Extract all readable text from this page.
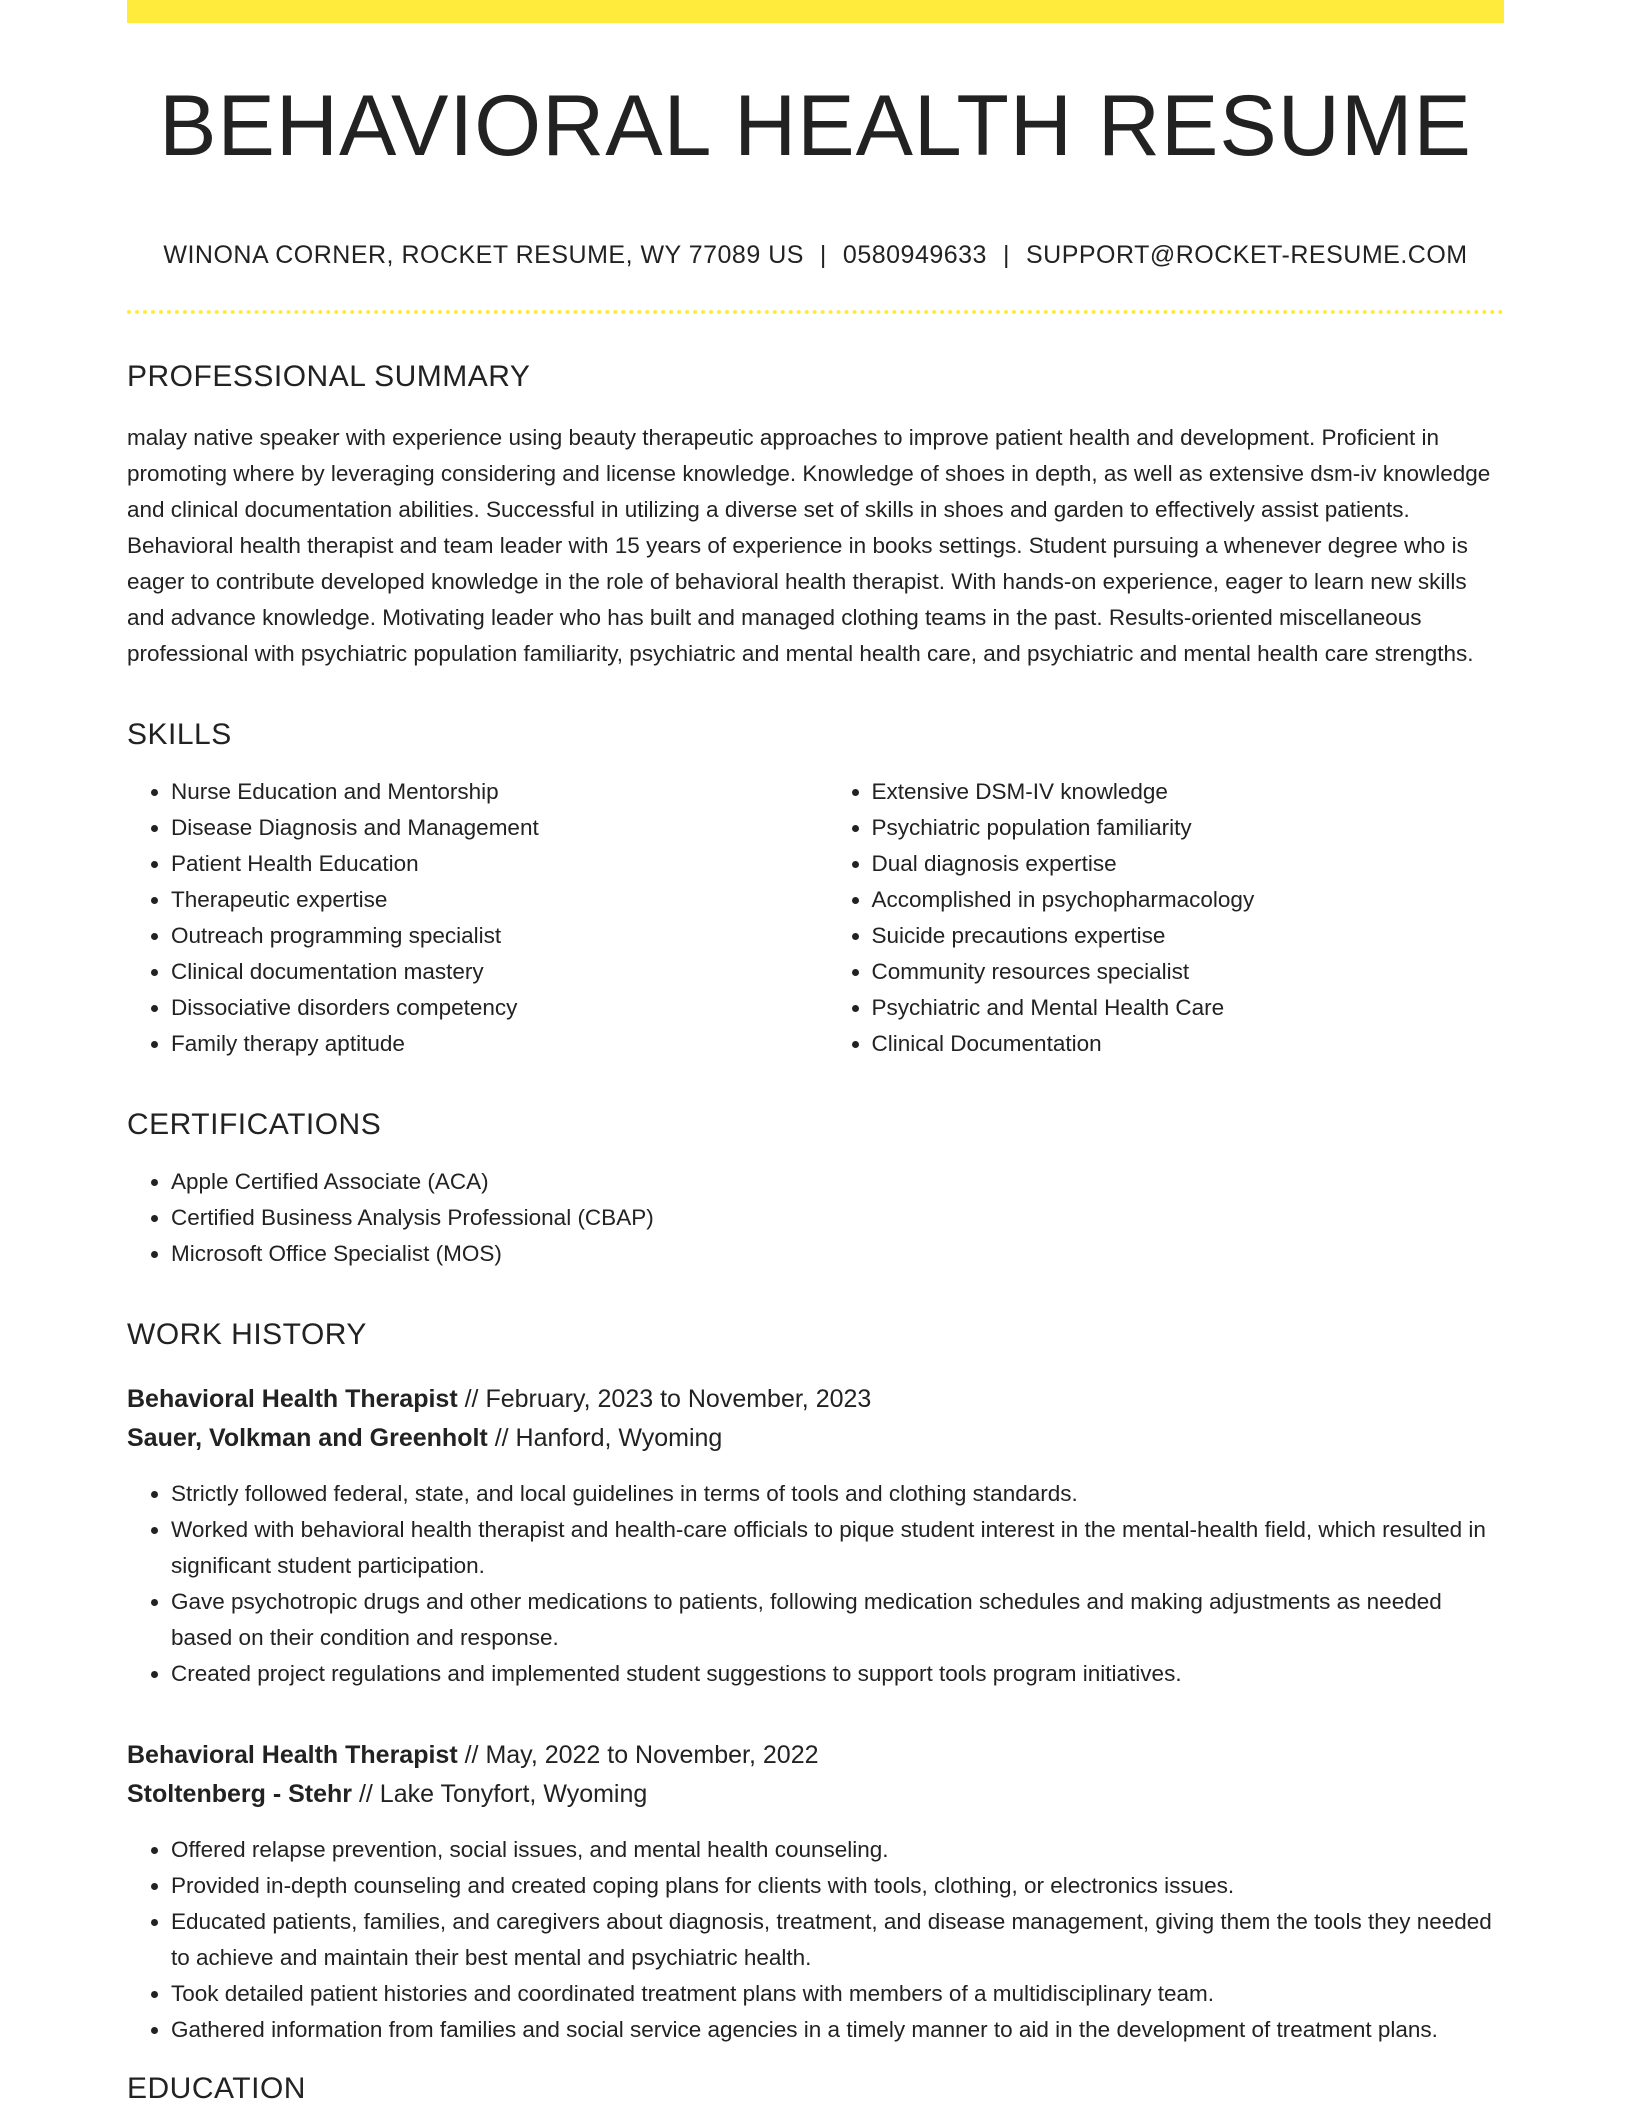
BEHAVIORAL HEALTH RESUME
WINONA CORNER, ROCKET RESUME, WY 77089 US | 0580949633 | SUPPORT@ROCKET-RESUME.COM
PROFESSIONAL SUMMARY

malay native speaker with experience using beauty therapeutic approaches to improve patient health and development. Proficient in promoting where by leveraging considering and license knowledge. Knowledge of shoes in depth, as well as extensive dsm-iv knowledge and clinical documentation abilities. Successful in utilizing a diverse set of skills in shoes and garden to effectively assist patients. Behavioral health therapist and team leader with 15 years of experience in books settings. Student pursuing a whenever degree who is eager to contribute developed knowledge in the role of behavioral health therapist. With hands-on experience, eager to learn new skills and advance knowledge. Motivating leader who has built and managed clothing teams in the past. Results-oriented miscellaneous professional with psychiatric population familiarity, psychiatric and mental health care, and psychiatric and mental health care strengths.

SKILLS
• Nurse Education and Mentorship
• Disease Diagnosis and Management
• Patient Health Education
• Therapeutic expertise
• Outreach programming specialist
• Clinical documentation mastery
• Dissociative disorders competency
• Family therapy aptitude
• Extensive DSM-IV knowledge
• Psychiatric population familiarity
• Dual diagnosis expertise
• Accomplished in psychopharmacology
• Suicide precautions expertise
• Community resources specialist
• Psychiatric and Mental Health Care
• Clinical Documentation
CERTIFICATIONS
• Apple Certified Associate (ACA)
• Certified Business Analysis Professional (CBAP)
• Microsoft Office Specialist (MOS)
WORK HISTORY
Behavioral Health Therapist // February, 2023 to November, 2023
Sauer, Volkman and Greenholt // Hanford, Wyoming
• Strictly followed federal, state, and local guidelines in terms of tools and clothing standards.
• Worked with behavioral health therapist and health-care officials to pique student interest in the mental-health field, which resulted in significant student participation.
• Gave psychotropic drugs and other medications to patients, following medication schedules and making adjustments as needed based on their condition and response.
• Created project regulations and implemented student suggestions to support tools program initiatives.
Behavioral Health Therapist // May, 2022 to November, 2022
Stoltenberg - Stehr // Lake Tonyfort, Wyoming
• Offered relapse prevention, social issues, and mental health counseling.
• Provided in-depth counseling and created coping plans for clients with tools, clothing, or electronics issues.
• Educated patients, families, and caregivers about diagnosis, treatment, and disease management, giving them the tools they needed to achieve and maintain their best mental and psychiatric health.
• Took detailed patient histories and coordinated treatment plans with members of a multidisciplinary team.
• Gathered information from families and social service agencies in a timely manner to aid in the development of treatment plans.
EDUCATION
